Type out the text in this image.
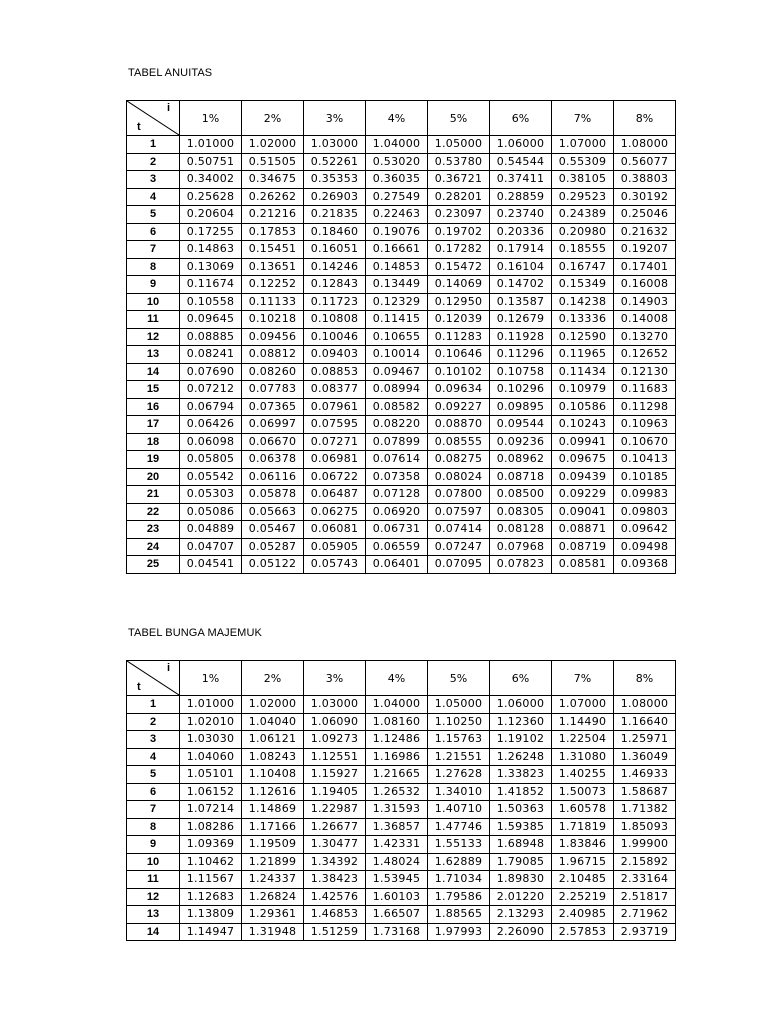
TABEL ANUITAS
i
t	1%	2%	3%	4%	5%	6%	7%	8%
1	1.01000	1.02000	1.03000	1.04000	1.05000	1.06000	1.07000	1.08000
2	0.50751	0.51505	0.52261	0.53020	0.53780	0.54544	0.55309	0.56077
3	0.34002	0.34675	0.35353	0.36035	0.36721	0.37411	0.38105	0.38803
4	0.25628	0.26262	0.26903	0.27549	0.28201	0.28859	0.29523	0.30192
5	0.20604	0.21216	0.21835	0.22463	0.23097	0.23740	0.24389	0.25046
6	0.17255	0.17853	0.18460	0.19076	0.19702	0.20336	0.20980	0.21632
7	0.14863	0.15451	0.16051	0.16661	0.17282	0.17914	0.18555	0.19207
8	0.13069	0.13651	0.14246	0.14853	0.15472	0.16104	0.16747	0.17401
9	0.11674	0.12252	0.12843	0.13449	0.14069	0.14702	0.15349	0.16008
10	0.10558	0.11133	0.11723	0.12329	0.12950	0.13587	0.14238	0.14903
11	0.09645	0.10218	0.10808	0.11415	0.12039	0.12679	0.13336	0.14008
12	0.08885	0.09456	0.10046	0.10655	0.11283	0.11928	0.12590	0.13270
13	0.08241	0.08812	0.09403	0.10014	0.10646	0.11296	0.11965	0.12652
14	0.07690	0.08260	0.08853	0.09467	0.10102	0.10758	0.11434	0.12130
15	0.07212	0.07783	0.08377	0.08994	0.09634	0.10296	0.10979	0.11683
16	0.06794	0.07365	0.07961	0.08582	0.09227	0.09895	0.10586	0.11298
17	0.06426	0.06997	0.07595	0.08220	0.08870	0.09544	0.10243	0.10963
18	0.06098	0.06670	0.07271	0.07899	0.08555	0.09236	0.09941	0.10670
19	0.05805	0.06378	0.06981	0.07614	0.08275	0.08962	0.09675	0.10413
20	0.05542	0.06116	0.06722	0.07358	0.08024	0.08718	0.09439	0.10185
21	0.05303	0.05878	0.06487	0.07128	0.07800	0.08500	0.09229	0.09983
22	0.05086	0.05663	0.06275	0.06920	0.07597	0.08305	0.09041	0.09803
23	0.04889	0.05467	0.06081	0.06731	0.07414	0.08128	0.08871	0.09642
24	0.04707	0.05287	0.05905	0.06559	0.07247	0.07968	0.08719	0.09498
25	0.04541	0.05122	0.05743	0.06401	0.07095	0.07823	0.08581	0.09368
TABEL BUNGA MAJEMUK
i
t	1%	2%	3%	4%	5%	6%	7%	8%
1	1.01000	1.02000	1.03000	1.04000	1.05000	1.06000	1.07000	1.08000
2	1.02010	1.04040	1.06090	1.08160	1.10250	1.12360	1.14490	1.16640
3	1.03030	1.06121	1.09273	1.12486	1.15763	1.19102	1.22504	1.25971
4	1.04060	1.08243	1.12551	1.16986	1.21551	1.26248	1.31080	1.36049
5	1.05101	1.10408	1.15927	1.21665	1.27628	1.33823	1.40255	1.46933
6	1.06152	1.12616	1.19405	1.26532	1.34010	1.41852	1.50073	1.58687
7	1.07214	1.14869	1.22987	1.31593	1.40710	1.50363	1.60578	1.71382
8	1.08286	1.17166	1.26677	1.36857	1.47746	1.59385	1.71819	1.85093
9	1.09369	1.19509	1.30477	1.42331	1.55133	1.68948	1.83846	1.99900
10	1.10462	1.21899	1.34392	1.48024	1.62889	1.79085	1.96715	2.15892
11	1.11567	1.24337	1.38423	1.53945	1.71034	1.89830	2.10485	2.33164
12	1.12683	1.26824	1.42576	1.60103	1.79586	2.01220	2.25219	2.51817
13	1.13809	1.29361	1.46853	1.66507	1.88565	2.13293	2.40985	2.71962
14	1.14947	1.31948	1.51259	1.73168	1.97993	2.26090	2.57853	2.93719
